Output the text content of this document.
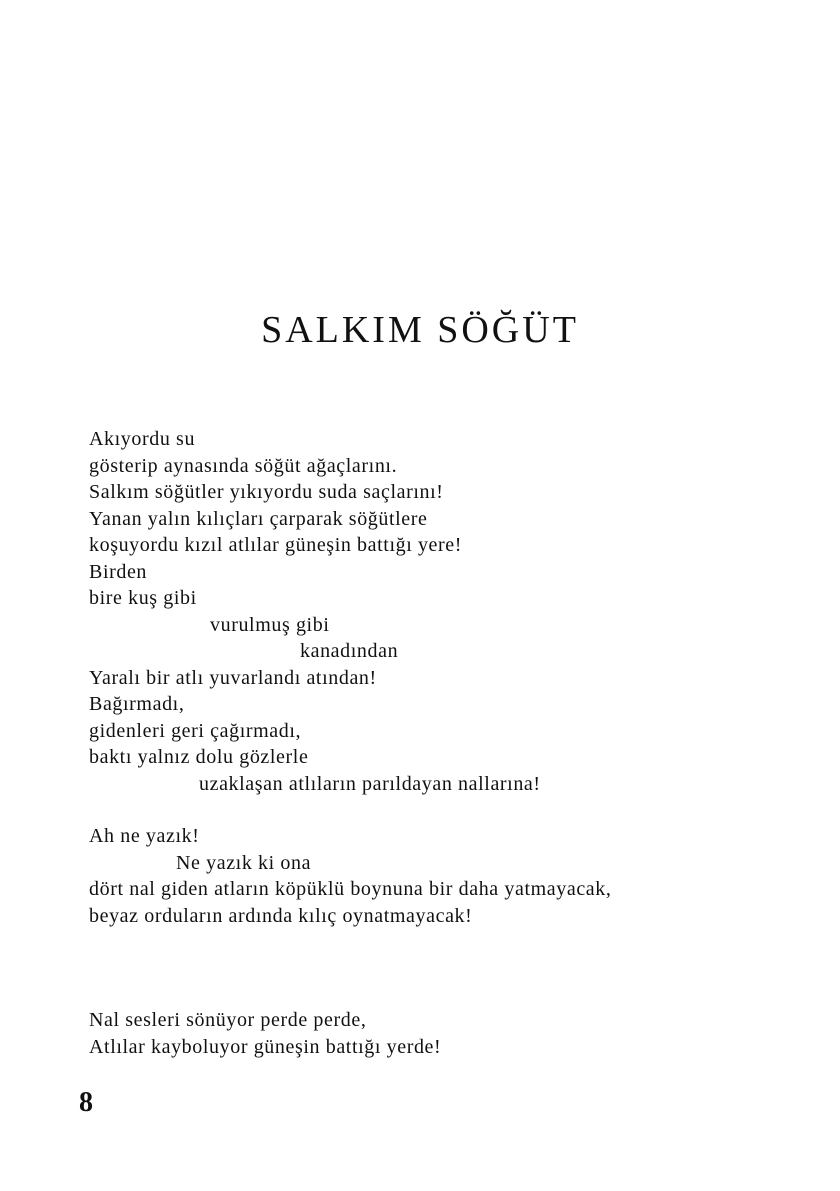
SALKIM SÖĞÜT
Akıyordu su
gösterip aynasında söğüt ağaçlarını.
Salkım söğütler yıkıyordu suda saçlarını!
Yanan yalın kılıçları çarparak söğütlere
koşuyordu kızıl atlılar güneşin battığı yere!
Birden
bire kuş gibi
vurulmuş gibi
kanadından
Yaralı bir atlı yuvarlandı atından!
Bağırmadı,
gidenleri geri çağırmadı,
baktı yalnız dolu gözlerle
uzaklaşan atlıların parıldayan nallarına!
Ah ne yazık!
Ne yazık ki ona
dört nal giden atların köpüklü boynuna bir daha yatmayacak,
beyaz orduların ardında kılıç oynatmayacak!
Nal sesleri sönüyor perde perde,
Atlılar kayboluyor güneşin battığı yerde!
8
